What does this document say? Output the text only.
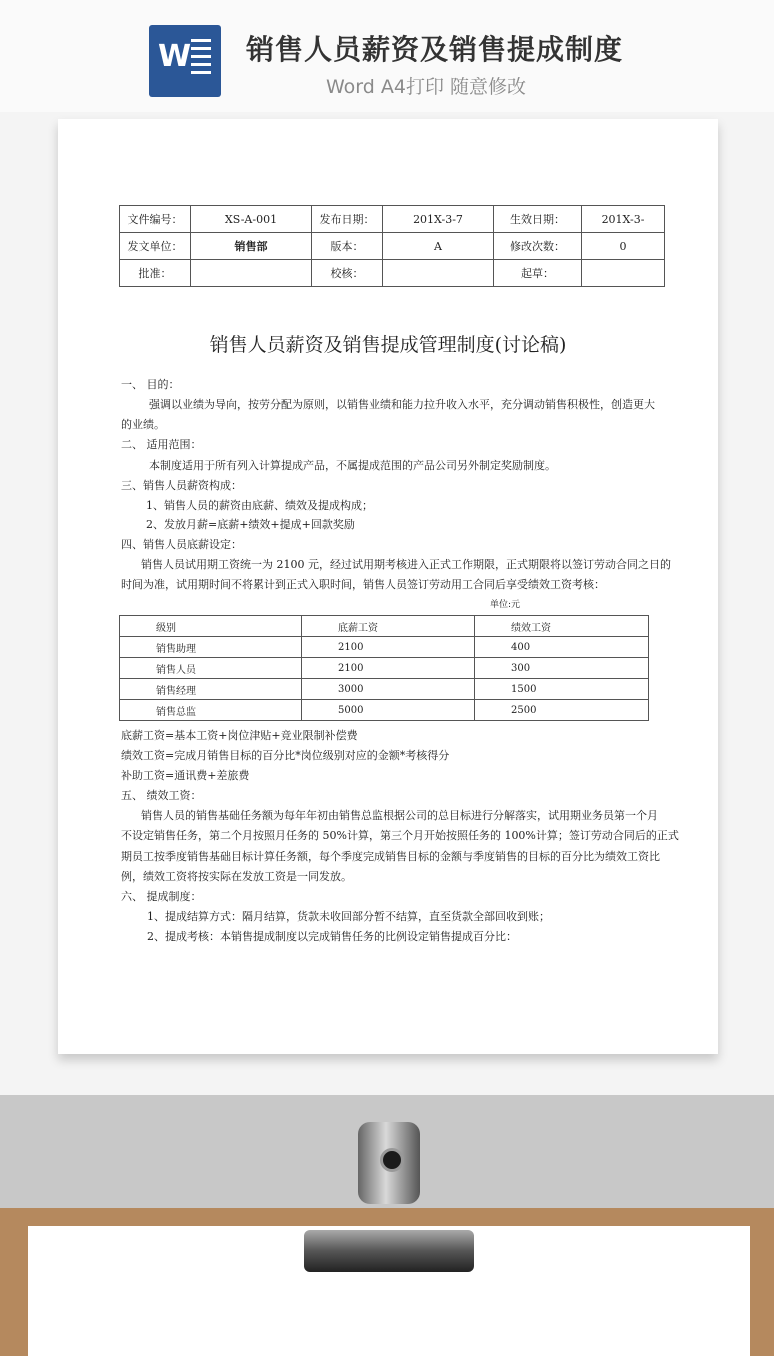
W 销售人员薪资及销售提成制度
Word A4打印 随意修改
文件编号：	XS-A-001	发布日期：	201X-3-7	生效日期：	201X-3-
发文单位：	销售部	版本：	A	修改次数：	0
批准：		校核：		起草：	
销售人员薪资及销售提成管理制度(讨论稿)
一、 目的：
强调以业绩为导向，按劳分配为原则，以销售业绩和能力拉升收入水平，充分调动销售积极性，创造更大
的业绩。
二、 适用范围：
本制度适用于所有列入计算提成产品，不属提成范围的产品公司另外制定奖励制度。
三、销售人员薪资构成：
1、销售人员的薪资由底薪、绩效及提成构成；
2、发放月薪=底薪+绩效+提成+回款奖励
四、销售人员底薪设定：
销售人员试用期工资统一为 2100 元，经过试用期考核进入正式工作期限，正式期限将以签订劳动合同之日的
时间为准，试用期时间不将累计到正式入职时间，销售人员签订劳动用工合同后享受绩效工资考核：
单位:元
级别	底薪工资	绩效工资
销售助理	2100	400
销售人员	2100	300
销售经理	3000	1500
销售总监	5000	2500
底薪工资=基本工资+岗位津贴+竞业限制补偿费
绩效工资=完成月销售目标的百分比*岗位级别对应的金额*考核得分
补助工资=通讯费+差旅费
五、 绩效工资：
销售人员的销售基础任务额为每年年初由销售总监根据公司的总目标进行分解落实，试用期业务员第一个月
不设定销售任务，第二个月按照月任务的 50%计算，第三个月开始按照任务的 100%计算；签订劳动合同后的正式
期员工按季度销售基础目标计算任务额，每个季度完成销售目标的金额与季度销售的目标的百分比为绩效工资比
例，绩效工资将按实际在发放工资是一同发放。
六、 提成制度：
1、提成结算方式：隔月结算，货款未收回部分暂不结算，直至货款全部回收到账；
2、提成考核：本销售提成制度以完成销售任务的比例设定销售提成百分比：
